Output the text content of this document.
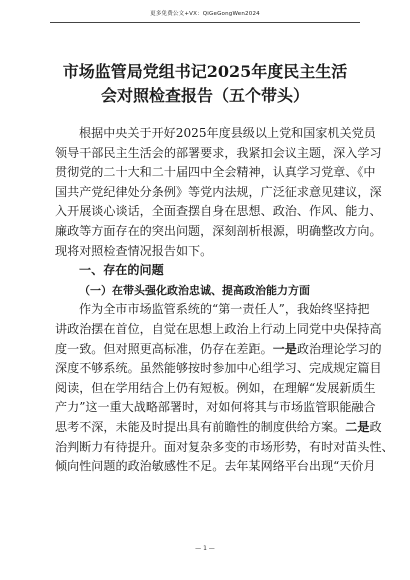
更多免费公文+VX：QiGeGongWen2024
市场监管局党组书记2025年度民主生活
会对照检查报告（五个带头）
根据中央关于开好2025年度县级以上党和国家机关党员
领导干部民主生活会的部署要求，我紧扣会议主题，深入学习
贯彻党的二十大和二十届四中全会精神，认真学习党章、《中
国共产党纪律处分条例》等党内法规，广泛征求意见建议，深
入开展谈心谈话，全面查摆自身在思想、政治、作风、能力、
廉政等方面存在的突出问题，深刻剖析根源，明确整改方向。
现将对照检查情况报告如下。
一、存在的问题
（一）在带头强化政治忠诚、提高政治能力方面
作为全市市场监管系统的“第一责任人”，我始终坚持把
讲政治摆在首位，自觉在思想上政治上行动上同党中央保持高
度一致。但对照更高标准，仍存在差距。一是政治理论学习的
深度不够系统。虽然能够按时参加中心组学习、完成规定篇目
阅读，但在学用结合上仍有短板。例如，在理解“发展新质生
产力”这一重大战略部署时，对如何将其与市场监管职能融合
思考不深，未能及时提出具有前瞻性的制度供给方案。二是政
治判断力有待提升。面对复杂多变的市场形势，有时对苗头性、
倾向性问题的政治敏感性不足。去年某网络平台出现“天价月
— 1 —
